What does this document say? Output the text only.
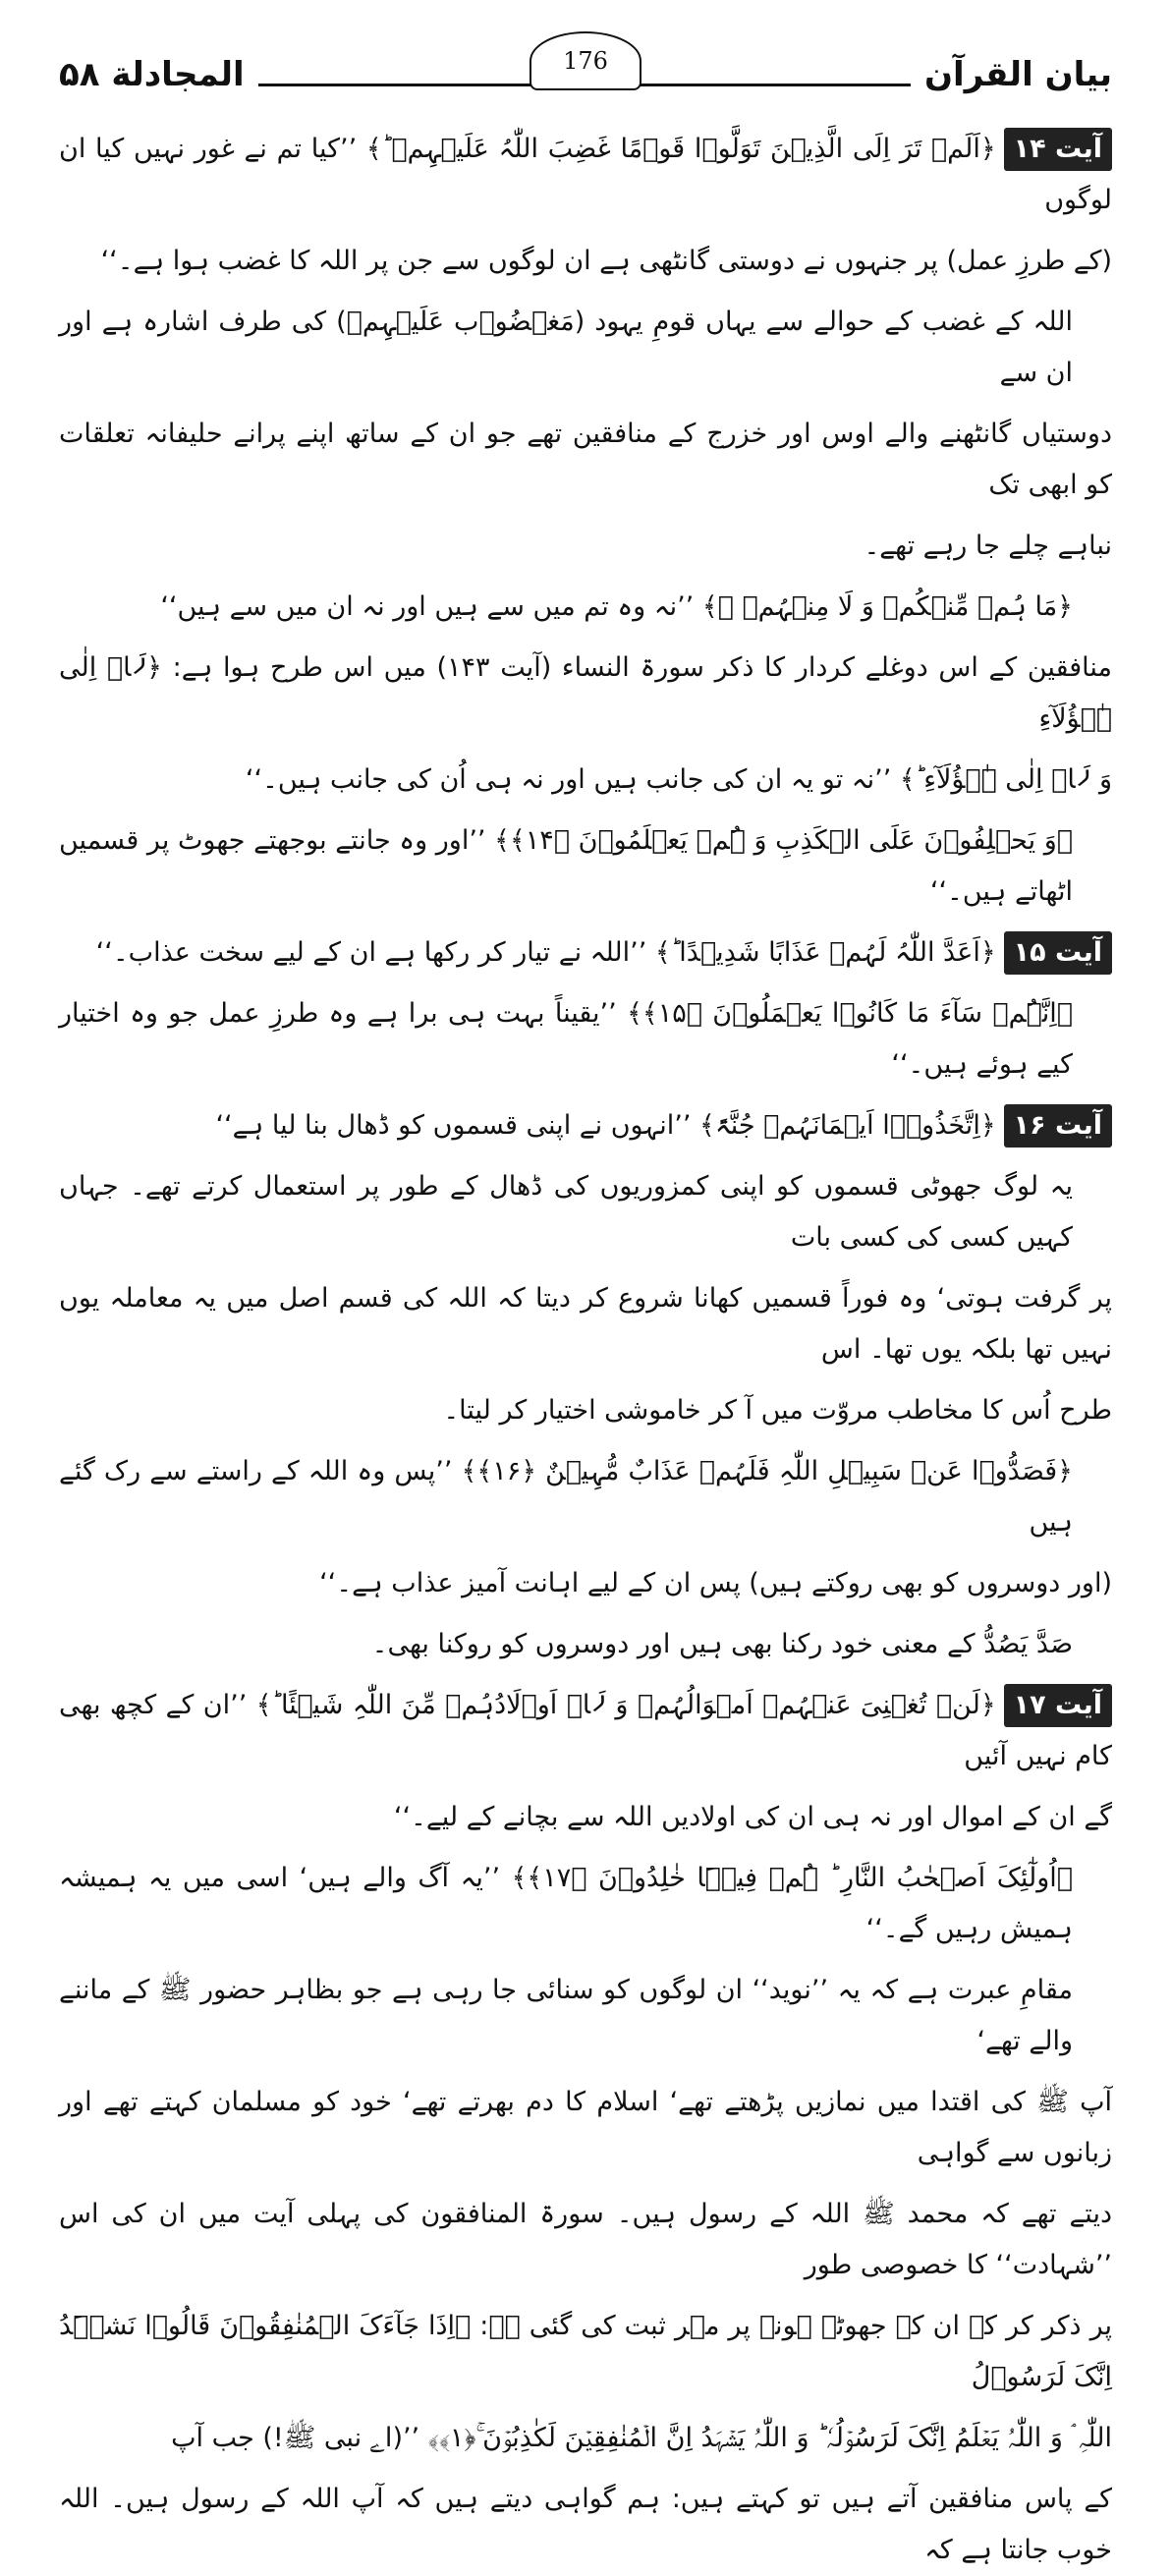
بیان القرآن
المجادلة ۵۸	176

آیت ۱۴﴿اَلَمۡ تَرَ اِلَی الَّذِیۡنَ تَوَلَّوۡا قَوۡمًا غَضِبَ اللّٰہُ عَلَیۡہِمۡ ؕ﴾ ’’کیا تم نے غور نہیں کیا ان لوگوں

(کے طرزِ عمل) پر جنہوں نے دوستی گانٹھی ہے ان لوگوں سے جن پر اللہ کا غضب ہوا ہے۔‘‘

اللہ کے غضب کے حوالے سے یہاں قومِ یہود (مَغۡضُوۡب عَلَیۡہِمۡ) کی طرف اشارہ ہے اور ان سے

دوستیاں گانٹھنے والے اوس اور خزرج کے منافقین تھے جو ان کے ساتھ اپنے پرانے حلیفانہ تعلقات کو ابھی تک

نباہے چلے جا رہے تھے۔

﴿مَا ہُمۡ مِّنۡکُمۡ وَ لَا مِنۡہُمۡ ۙ﴾ ’’نہ وہ تم میں سے ہیں اور نہ ان میں سے ہیں‘‘

منافقین کے اس دوغلے کردار کا ذکر سورۃ النساء (آیت ۱۴۳) میں اس طرح ہوا ہے: ﴿لَاۤ اِلٰی ہٰۤؤُلَآءِ

وَ لَاۤ اِلٰی ہٰۤؤُلَآءِ ؕ﴾ ’’نہ تو یہ ان کی جانب ہیں اور نہ ہی اُن کی جانب ہیں۔‘‘

﴿وَ یَحۡلِفُوۡنَ عَلَی الۡکَذِبِ وَ ہُمۡ یَعۡلَمُوۡنَ ﴿۱۴﴾﴾ ’’اور وہ جانتے بوجھتے جھوٹ پر قسمیں اٹھاتے ہیں۔‘‘

آیت ۱۵﴿اَعَدَّ اللّٰہُ لَہُمۡ عَذَابًا شَدِیۡدًا ؕ﴾ ’’اللہ نے تیار کر رکھا ہے ان کے لیے سخت عذاب۔‘‘

﴿اِنَّہُمۡ سَآءَ مَا کَانُوۡا یَعۡمَلُوۡنَ ﴿۱۵﴾﴾ ’’یقیناً بہت ہی برا ہے وہ طرزِ عمل جو وہ اختیار کیے ہوئے ہیں۔‘‘

آیت ۱۶﴿اِتَّخَذُوۡۤا اَیۡمَانَہُمۡ جُنَّۃً﴾ ’’انہوں نے اپنی قسموں کو ڈھال بنا لیا ہے‘‘

یہ لوگ جھوٹی قسموں کو اپنی کمزوریوں کی ڈھال کے طور پر استعمال کرتے تھے۔ جہاں کہیں کسی کی کسی بات

پر گرفت ہوتی‘ وہ فوراً قسمیں کھانا شروع کر دیتا کہ اللہ کی قسم اصل میں یہ معاملہ یوں نہیں تھا بلکہ یوں تھا۔ اس

طرح اُس کا مخاطب مروّت میں آ کر خاموشی اختیار کر لیتا۔

﴿فَصَدُّوۡا عَنۡ سَبِیۡلِ اللّٰہِ فَلَہُمۡ عَذَابٌ مُّہِیۡنٌ ﴿۱۶﴾﴾ ’’پس وہ اللہ کے راستے سے رک گئے ہیں

(اور دوسروں کو بھی روکتے ہیں) پس ان کے لیے اہانت آمیز عذاب ہے۔‘‘

صَدَّ یَصُدُّ کے معنی خود رکنا بھی ہیں اور دوسروں کو روکنا بھی۔

آیت ۱۷﴿لَنۡ تُغۡنِیَ عَنۡہُمۡ اَمۡوَالُہُمۡ وَ لَاۤ اَوۡلَادُہُمۡ مِّنَ اللّٰہِ شَیۡئًا ؕ﴾ ’’ان کے کچھ بھی کام نہیں آئیں

گے ان کے اموال اور نہ ہی ان کی اولادیں اللہ سے بچانے کے لیے۔‘‘

﴿اُولٰٓئِکَ اَصۡحٰبُ النَّارِ ؕ ہُمۡ فِیۡہَا خٰلِدُوۡنَ ﴿۱۷﴾﴾ ’’یہ آگ والے ہیں‘ اسی میں یہ ہمیشہ ہمیش رہیں گے۔‘‘

مقامِ عبرت ہے کہ یہ ’’نوید‘‘ ان لوگوں کو سنائی جا رہی ہے جو بظاہر حضور ﷺ کے ماننے والے تھے‘

آپ ﷺ کی اقتدا میں نمازیں پڑھتے تھے‘ اسلام کا دم بھرتے تھے‘ خود کو مسلمان کہتے تھے اور زبانوں سے گواہی

دیتے تھے کہ محمد ﷺ اللہ کے رسول ہیں۔ سورۃ المنافقون کی پہلی آیت میں ان کی اس ’’شہادت‘‘ کا خصوصی طور

پر ذکر کر کے ان کے جھوٹے ہونے پر مہر ثبت کی گئی ہے: ﴿اِذَا جَآءَکَ الۡمُنٰفِقُوۡنَ قَالُوۡا نَشۡہَدُ اِنَّکَ لَرَسُوۡلُ

اللّٰہِ ۘ وَ اللّٰہُ یَعۡلَمُ اِنَّکَ لَرَسُوۡلُہٗ ؕ وَ اللّٰہُ یَشۡہَدُ اِنَّ الۡمُنٰفِقِیۡنَ لَکٰذِبُوۡنَ ۚ﴿۱﴾﴾ ’’(اے نبی ﷺ!) جب آپ

کے پاس منافقین آتے ہیں تو کہتے ہیں: ہم گواہی دیتے ہیں کہ آپ اللہ کے رسول ہیں۔ اللہ خوب جانتا ہے کہ
